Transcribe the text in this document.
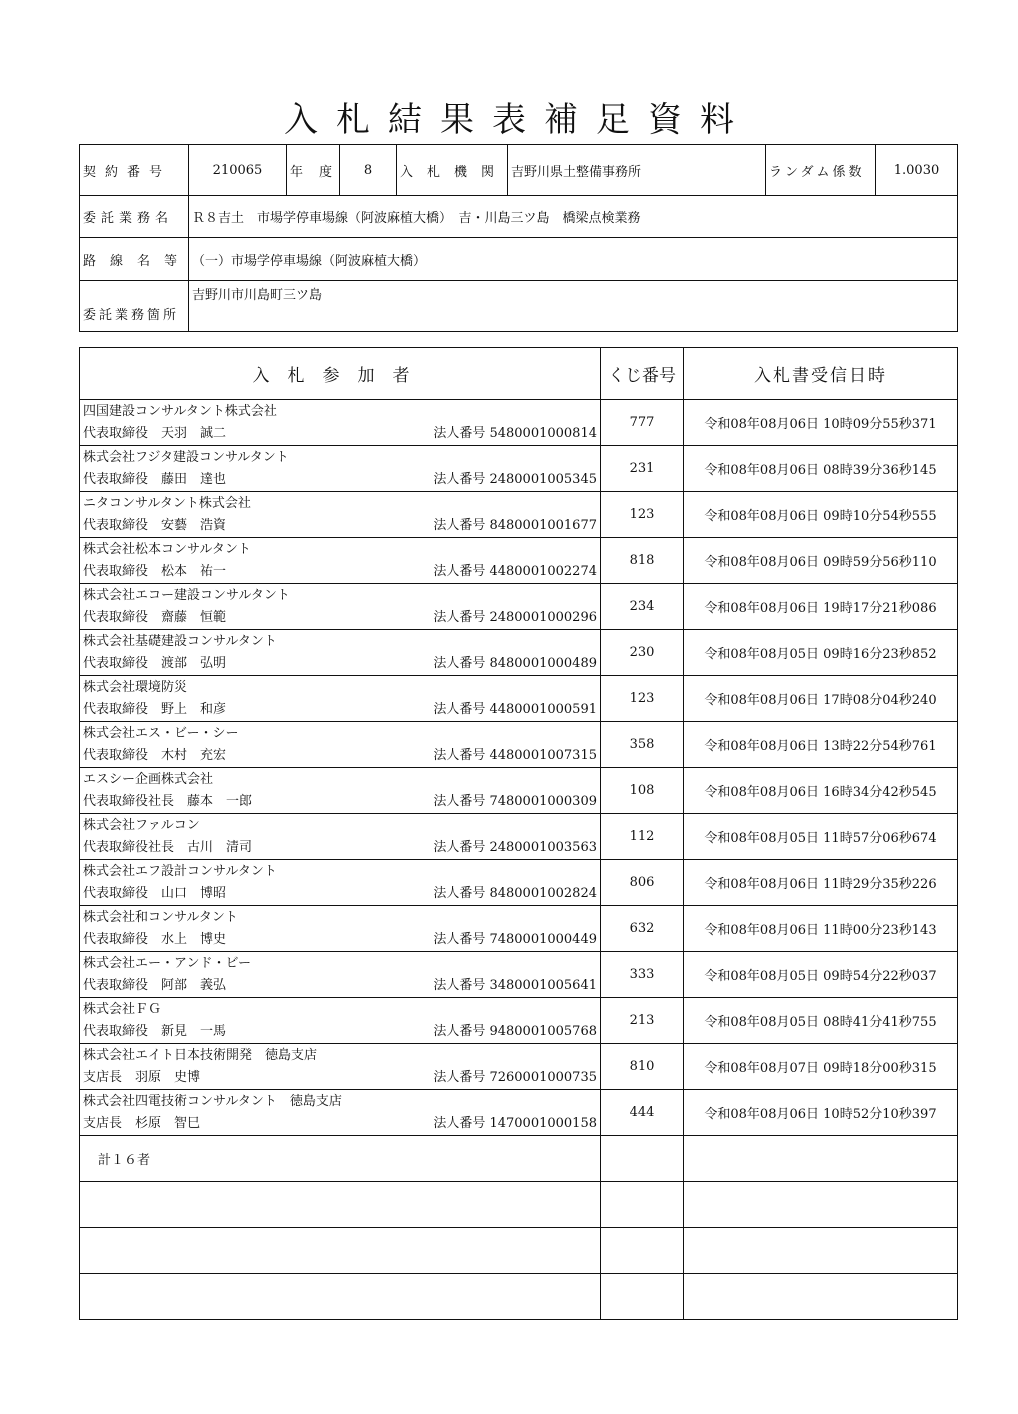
入札結果表補足資料
契約番号	210065	年度	8	入札機関	吉野川県土整備事務所	ランダム係数	1.0030
委託業務名	Ｒ８吉土　市場学停車場線（阿波麻植大橋）　吉・川島三ツ島　橋梁点検業務						
路線名等	（一）市場学停車場線（阿波麻植大橋）						
委託業務箇所	吉野川市川島町三ツ島						
入札参加者	くじ番号	入札書受信日時

四国建設コンサルタント株式会社
代表取締役　天羽　誠二 法人番号 5480001000814	777	令和08年08月06日 10時09分55秒371

株式会社フジタ建設コンサルタント
代表取締役　藤田　達也 法人番号 2480001005345	231	令和08年08月06日 08時39分36秒145

ニタコンサルタント株式会社
代表取締役　安藝　浩資 法人番号 8480001001677	123	令和08年08月06日 09時10分54秒555

株式会社松本コンサルタント
代表取締役　松本　祐一 法人番号 4480001002274	818	令和08年08月06日 09時59分56秒110

株式会社エコー建設コンサルタント
代表取締役　齋藤　恒範 法人番号 2480001000296	234	令和08年08月06日 19時17分21秒086

株式会社基礎建設コンサルタント
代表取締役　渡部　弘明 法人番号 8480001000489	230	令和08年08月05日 09時16分23秒852

株式会社環境防災
代表取締役　野上　和彦 法人番号 4480001000591	123	令和08年08月06日 17時08分04秒240

株式会社エス・ビー・シー
代表取締役　木村　充宏 法人番号 4480001007315	358	令和08年08月06日 13時22分54秒761

エスシー企画株式会社
代表取締役社長　藤本　一郎 法人番号 7480001000309	108	令和08年08月06日 16時34分42秒545

株式会社ファルコン
代表取締役社長　古川　清司 法人番号 2480001003563	112	令和08年08月05日 11時57分06秒674

株式会社エフ設計コンサルタント
代表取締役　山口　博昭 法人番号 8480001002824	806	令和08年08月06日 11時29分35秒226

株式会社和コンサルタント
代表取締役　水上　博史 法人番号 7480001000449	632	令和08年08月06日 11時00分23秒143

株式会社エー・アンド・ビー
代表取締役　阿部　義弘 法人番号 3480001005641	333	令和08年08月05日 09時54分22秒037

株式会社ＦＧ
代表取締役　新見　一馬 法人番号 9480001005768	213	令和08年08月05日 08時41分41秒755

株式会社エイト日本技術開発　徳島支店
支店長　羽原　史博 法人番号 7260001000735	810	令和08年08月07日 09時18分00秒315

株式会社四電技術コンサルタント　徳島支店
支店長　杉原　智巳 法人番号 1470001000158	444	令和08年08月06日 10時52分10秒397
計１６者		
